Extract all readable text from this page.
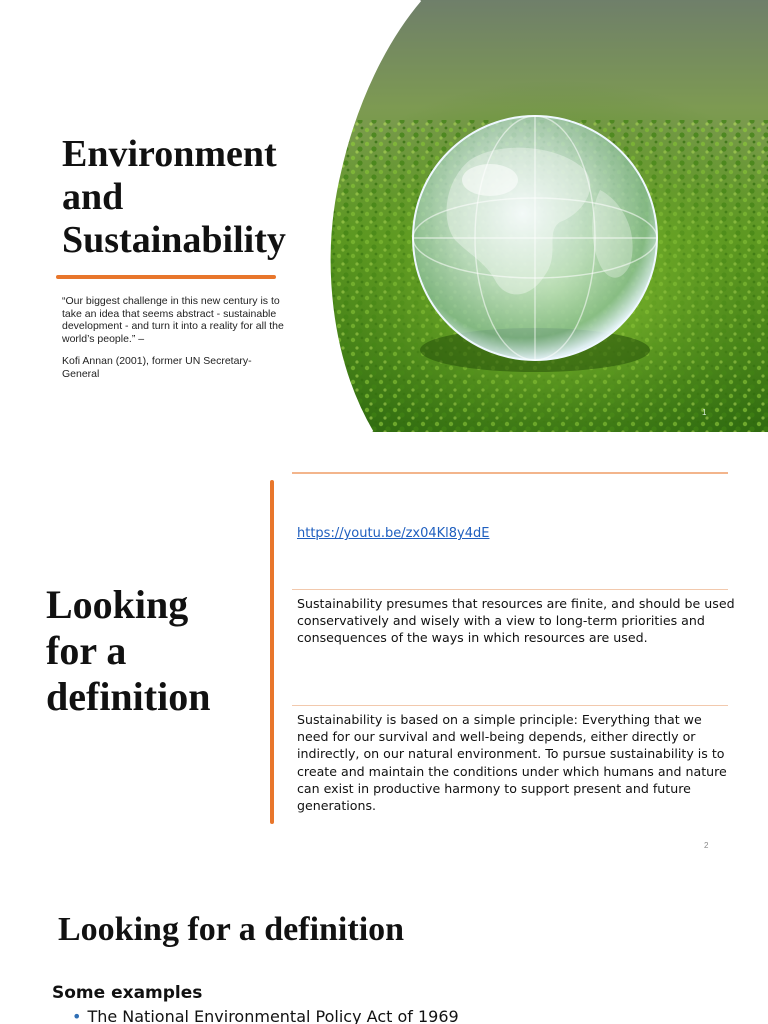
Environment
and
Sustainability

“Our biggest challenge in this new century is to take an idea that seems abstract - sustainable development - and turn it into a reality for all the world’s people.” –

Kofi Annan (2001), former UN Secretary-General

1
Looking
for a
definition
https://youtu.be/zx04Kl8y4dE

Sustainability presumes that resources are finite, and should be used conservatively and wisely with a view to long-term priorities and consequences of the ways in which resources are used.

Sustainability is based on a simple principle: Everything that we need for our survival and well-being depends, either directly or indirectly, on our natural environment. To pursue sustainability is to create and maintain the conditions under which humans and nature can exist in productive harmony to support present and future generations.

2
Looking for a definition
Some examples
• The National Environmental Policy Act of 1969
